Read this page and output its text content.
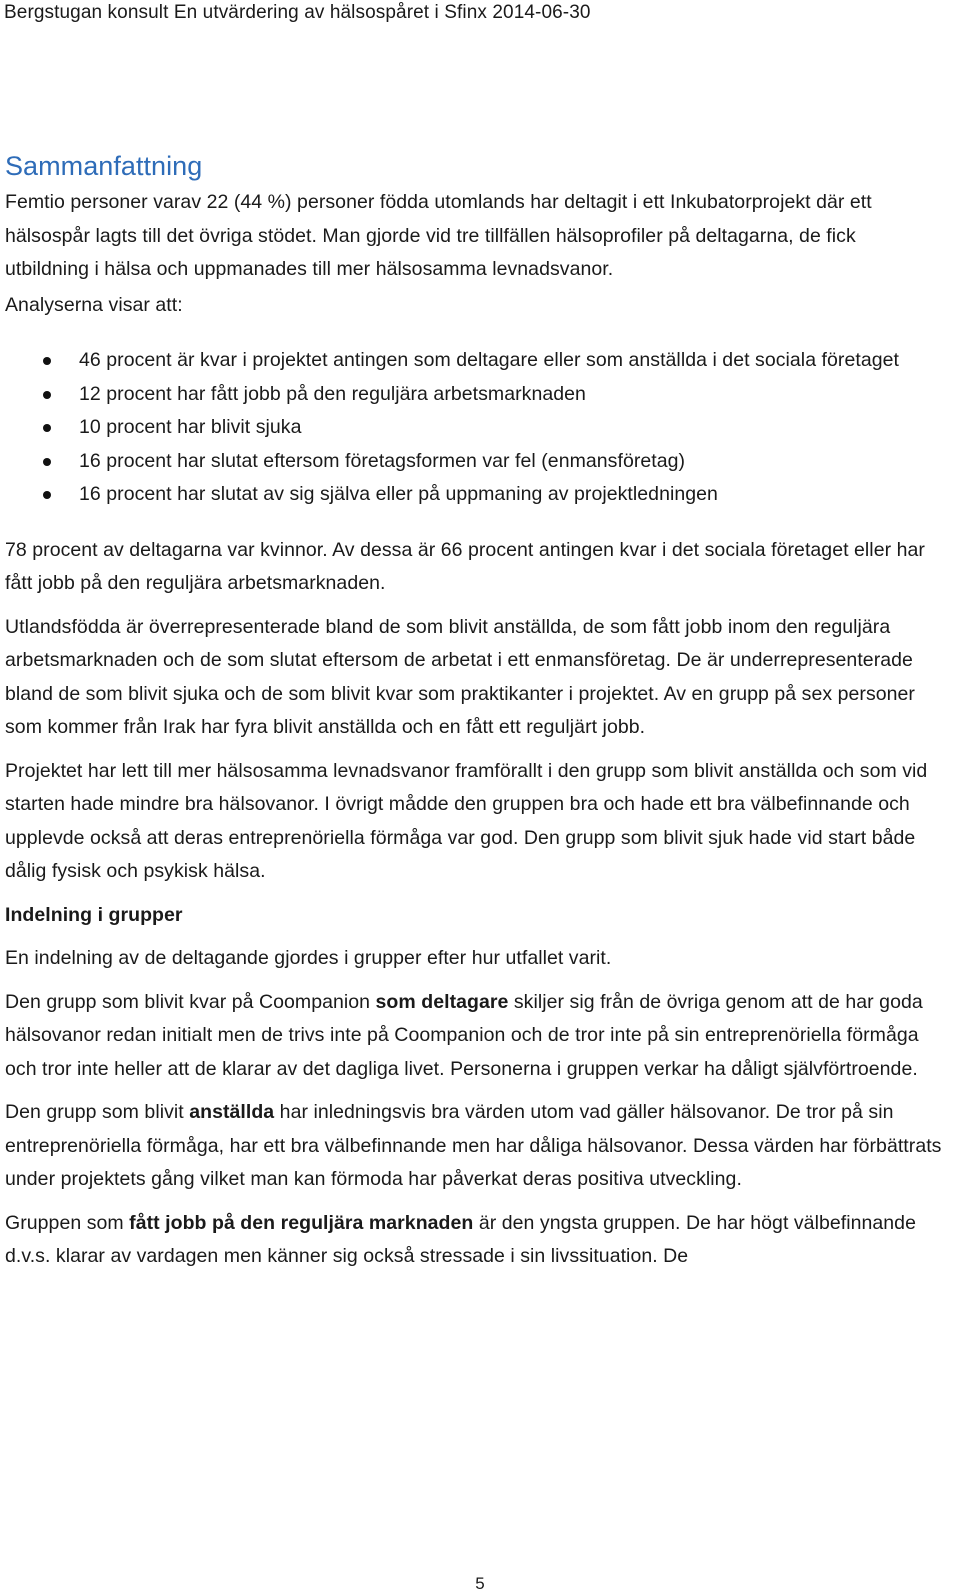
Bergstugan konsult En utvärdering av hälsospåret i Sfinx 2014-06-30
Sammanfattning

Femtio personer varav 22 (44 %) personer födda utomlands har deltagit i ett Inkubatorprojekt där ett hälsospår lagts till det övriga stödet. Man gjorde vid tre tillfällen hälsoprofiler på deltagarna, de fick utbildning i hälsa och uppmanades till mer hälsosamma levnadsvanor.

Analyserna visar att:

46 procent är kvar i projektet antingen som deltagare eller som anställda i det sociala företaget
12 procent har fått jobb på den reguljära arbetsmarknaden
10 procent har blivit sjuka
16 procent har slutat eftersom företagsformen var fel (enmansföretag)
16 procent har slutat av sig själva eller på uppmaning av projektledningen

78 procent av deltagarna var kvinnor. Av dessa är 66 procent antingen kvar i det sociala företaget eller har fått jobb på den reguljära arbetsmarknaden.

Utlandsfödda är överrepresenterade bland de som blivit anställda, de som fått jobb inom den reguljära arbetsmarknaden och de som slutat eftersom de arbetat i ett enmansföretag. De är underrepresenterade bland de som blivit sjuka och de som blivit kvar som praktikanter i projektet. Av en grupp på sex personer som kommer från Irak har fyra blivit anställda och en fått ett reguljärt jobb.

Projektet har lett till mer hälsosamma levnadsvanor framförallt i den grupp som blivit anställda och som vid starten hade mindre bra hälsovanor. I övrigt mådde den gruppen bra och hade ett bra välbefinnande och upplevde också att deras entreprenöriella förmåga var god. Den grupp som blivit sjuk hade vid start både dålig fysisk och psykisk hälsa.

Indelning i grupper

En indelning av de deltagande gjordes i grupper efter hur utfallet varit.

Den grupp som blivit kvar på Coompanion som deltagare skiljer sig från de övriga genom att de har goda hälsovanor redan initialt men de trivs inte på Coompanion och de tror inte på sin entreprenöriella förmåga och tror inte heller att de klarar av det dagliga livet. Personerna i gruppen verkar ha dåligt självförtroende.

Den grupp som blivit anställda har inledningsvis bra värden utom vad gäller hälsovanor. De tror på sin entreprenöriella förmåga, har ett bra välbefinnande men har dåliga hälsovanor. Dessa värden har förbättrats under projektets gång vilket man kan förmoda har påverkat deras positiva utveckling.

Gruppen som fått jobb på den reguljära marknaden är den yngsta gruppen. De har högt välbefinnande d.v.s. klarar av vardagen men känner sig också stressade i sin livssituation. De

5
